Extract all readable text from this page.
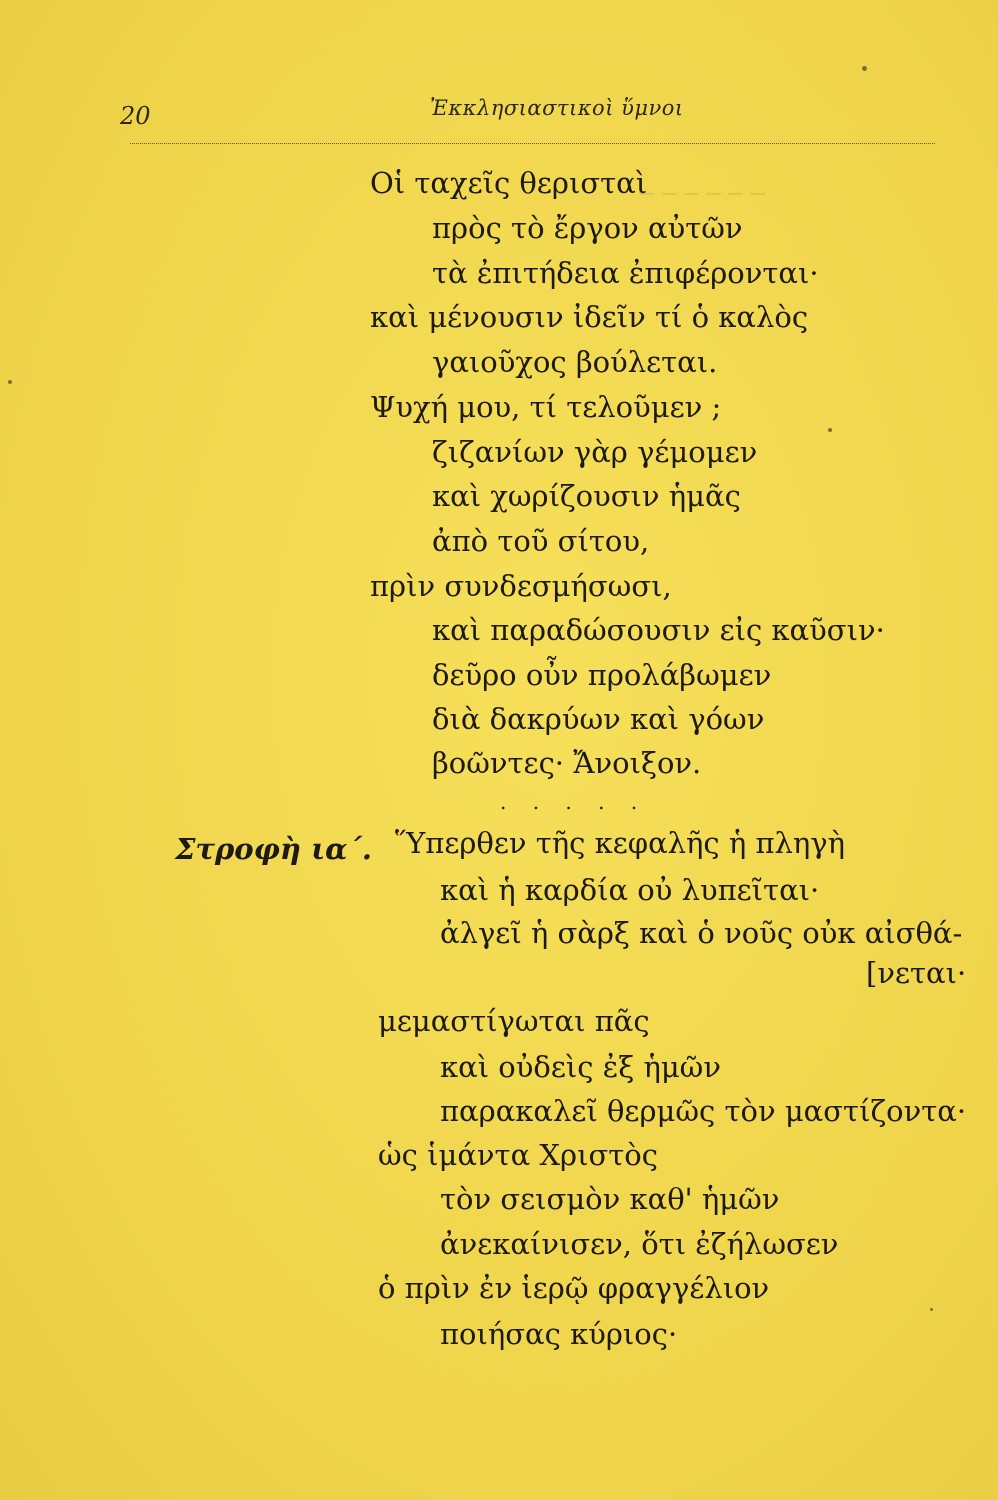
20	Ἐκκλησιαστικοὶ ὕμνοι
─ ─ ─ ─ ─ ─
Οἱ ταχεῖς θερισταὶ
πρὸς τὸ ἔργον αὐτῶν
τὰ ἐπιτήδεια ἐπιφέρονται·
καὶ μένουσιν ἰδεῖν τί ὁ καλὸς
γαιοῦχος βούλεται.
Ψυχή μου, τί τελοῦμεν ;
ζιζανίων γὰρ γέμομεν
καὶ χωρίζουσιν ἡμᾶς
ἀπὸ τοῦ σίτου,
πρὶν συνδεσμήσωσι,
καὶ παραδώσουσιν εἰς καῦσιν·
δεῦρο οὖν προλάβωμεν
διὰ δακρύων καὶ γόων
βοῶντες· Ἄνοιξον.
. . . . .
Στροφὴ ια΄. Ὕπερθεν τῆς κεφαλῆς ἡ πληγὴ
καὶ ἡ καρδία οὐ λυπεῖται·
ἀλγεῖ ἡ σὰρξ καὶ ὁ νοῦς οὐκ αἰσθά-
[νεται·
μεμαστίγωται πᾶς
καὶ οὐδεὶς ἐξ ἡμῶν
παρακαλεῖ θερμῶς τὸν μαστίζοντα·
ὡς ἱμάντα Χριστὸς
τὸν σεισμὸν καθ' ἡμῶν
ἀνεκαίνισεν, ὅτι ἐζήλωσεν
ὁ πρὶν ἐν ἱερῷ φραγγέλιον
ποιήσας κύριος·
